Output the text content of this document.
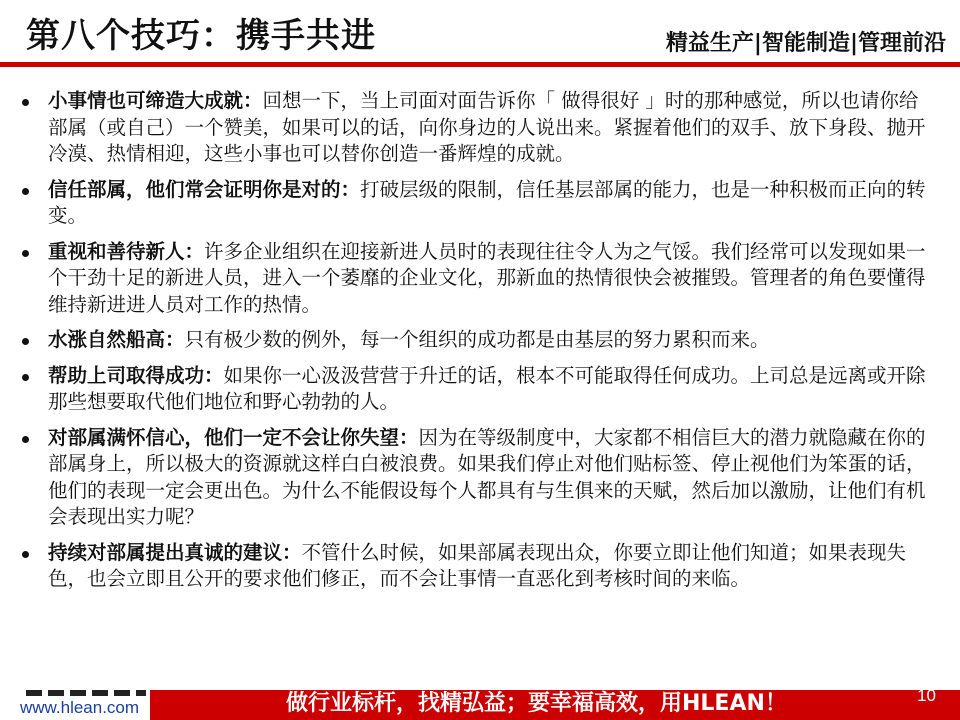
第八个技巧：携手共进	精益生产|智能制造|管理前沿
小事情也可缔造大成就：回想一下，当上司面对面告诉你「 做得很好 」时的那种感觉，所以也请你给部属（或自己）一个赞美，如果可以的话，向你身边的人说出来。紧握着他们的双手、放下身段、抛开冷漠、热情相迎，这些小事也可以替你创造一番辉煌的成就。
信任部属，他们常会证明你是对的：打破层级的限制，信任基层部属的能力，也是一种积极而正向的转变。
重视和善待新人：许多企业组织在迎接新进人员时的表现往往令人为之气馁。我们经常可以发现如果一个干劲十足的新进人员，进入一个萎靡的企业文化，那新血的热情很快会被摧毁。管理者的角色要懂得维持新进进人员对工作的热情。
水涨自然船高：只有极少数的例外，每一个组织的成功都是由基层的努力累积而来。
帮助上司取得成功：如果你一心汲汲营营于升迁的话，根本不可能取得任何成功。上司总是远离或开除那些想要取代他们地位和野心勃勃的人。
对部属满怀信心，他们一定不会让你失望：因为在等级制度中，大家都不相信巨大的潜力就隐藏在你的部属身上，所以极大的资源就这样白白被浪费。如果我们停止对他们贴标签、停止视他们为笨蛋的话，他们的表现一定会更出色。为什么不能假设每个人都具有与生俱来的天赋，然后加以激励，让他们有机会表现出实力呢？
持续对部属提出真诚的建议：不管什么时候，如果部属表现出众，你要立即让他们知道；如果表现失色，也会立即且公开的要求他们修正，而不会让事情一直恶化到考核时间的来临。
做行业标杆，找精弘益；要幸福高效，用HLEAN！
www.hlean.com
10
